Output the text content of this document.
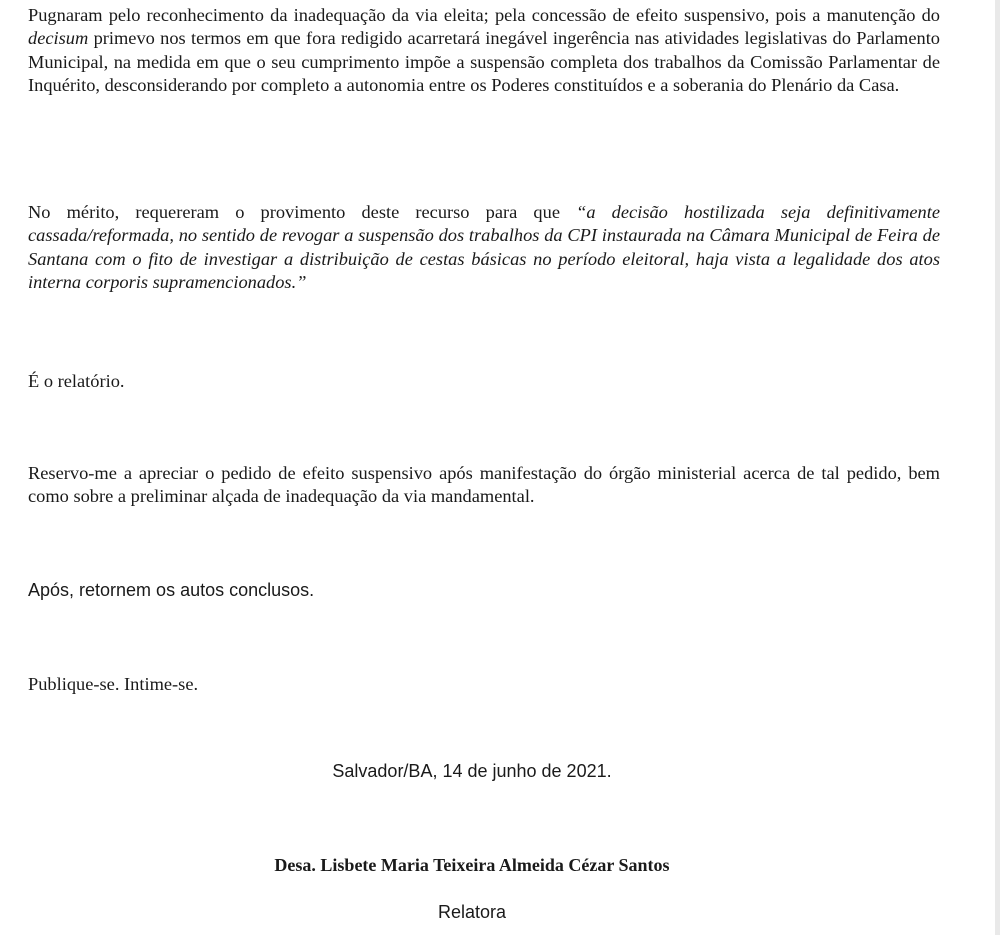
Pugnaram pelo reconhecimento da inadequação da via eleita; pela concessão de efeito suspensivo, pois a manutenção do decisum primevo nos termos em que fora redigido acarretará inegável ingerência nas atividades legislativas do Parlamento Municipal, na medida em que o seu cumprimento impõe a suspensão completa dos trabalhos da Comissão Parlamentar de Inquérito, desconsiderando por completo a autonomia entre os Poderes constituídos e a soberania do Plenário da Casa.

No mérito, requereram o provimento deste recurso para que “a decisão hostilizada seja definitivamente cassada/reformada, no sentido de revogar a suspensão dos trabalhos da CPI instaurada na Câmara Municipal de Feira de Santana com o fito de investigar a distribuição de cestas básicas no período eleitoral, haja vista a legalidade dos atos interna corporis supramencionados.”

É o relatório.

Reservo-me a apreciar o pedido de efeito suspensivo após manifestação do órgão ministerial acerca de tal pedido, bem como sobre a preliminar alçada de inadequação da via mandamental.

Após, retornem os autos conclusos.

Publique-se. Intime-se.

Salvador/BA, 14 de junho de 2021.

Desa. Lisbete Maria Teixeira Almeida Cézar Santos

Relatora
